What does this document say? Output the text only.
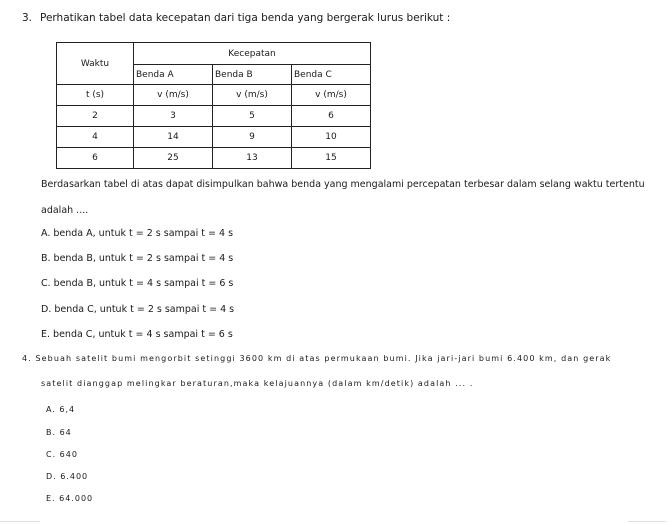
3. Perhatikan tabel data kecepatan dari tiga benda yang bergerak lurus berikut :
Waktu	Kecepatan		
	Benda A	Benda B	Benda C
t (s)	v (m/s)	v (m/s)	v (m/s)
2	3	5	6
4	14	9	10
6	25	13	15
Berdasarkan tabel di atas dapat disimpulkan bahwa benda yang mengalami percepatan terbesar dalam selang waktu tertentu
adalah ....
A. benda A, untuk t = 2 s sampai t = 4 s
B. benda B, untuk t = 2 s sampai t = 4 s
C. benda B, untuk t = 4 s sampai t = 6 s
D. benda C, untuk t = 2 s sampai t = 4 s
E. benda C, untuk t = 4 s sampai t = 6 s
4. Sebuah satelit bumi mengorbit setinggi 3600 km di atas permukaan bumi. Jika jari-jari bumi 6.400 km, dan gerak
satelit dianggap melingkar beraturan,maka kelajuannya (dalam km/detik) adalah ... .
A. 6,4
B. 64
C. 640
D. 6.400
E. 64.000
